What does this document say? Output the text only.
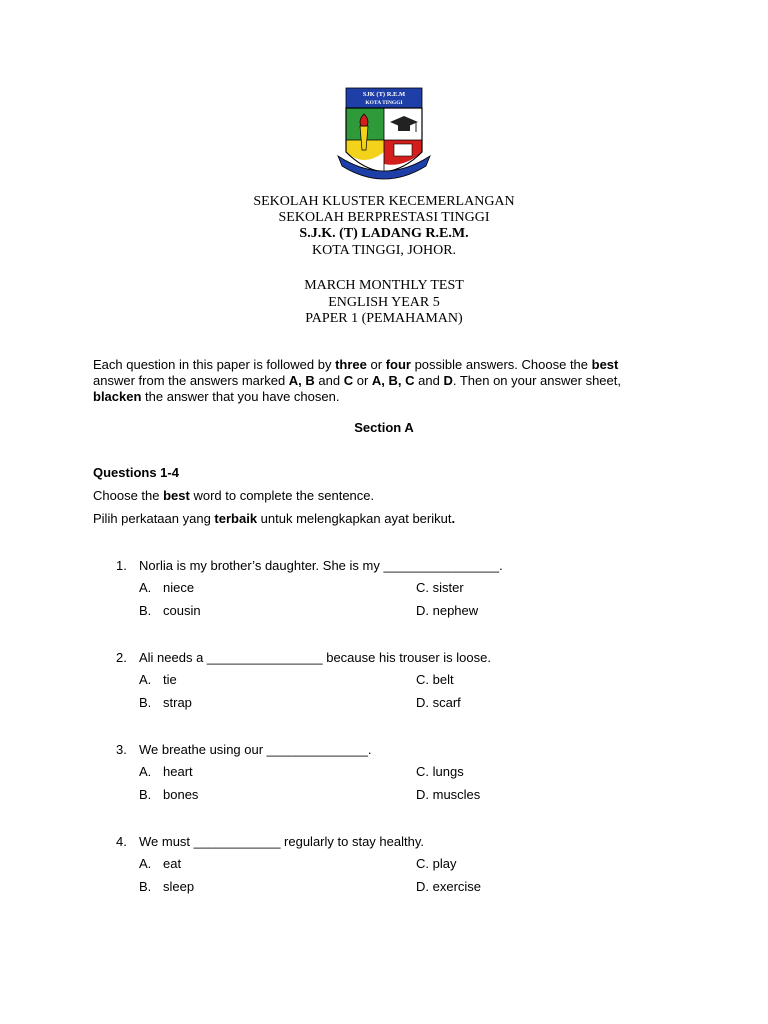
SJK (T) R.E.M
KOTA TINGGI
SEKOLAH KLUSTER KECEMERLANGAN
SEKOLAH BERPRESTASI TINGGI
S.J.K. (T) LADANG R.E.M.
KOTA TINGGI, JOHOR.
MARCH MONTHLY TEST
ENGLISH YEAR 5
PAPER 1 (PEMAHAMAN)
Each question in this paper is followed by three or four possible answers. Choose the best
answer from the answers marked A, B and C or A, B, C and D. Then on your answer sheet,
blacken the answer that you have chosen.
Section A
Questions 1-4
Choose the best word to complete the sentence.
Pilih perkataan yang terbaik untuk melengkapkan ayat berikut.
1. Norlia is my brother’s daughter. She is my ________________.
A. niece
B. cousin
C. sister
D. nephew
2. Ali needs a ________________ because his trouser is loose.
A. tie
B. strap
C. belt
D. scarf
3. We breathe using our ______________.
A. heart
B. bones
C. lungs
D. muscles
4. We must ____________ regularly to stay healthy.
A. eat
B. sleep
C. play
D. exercise
